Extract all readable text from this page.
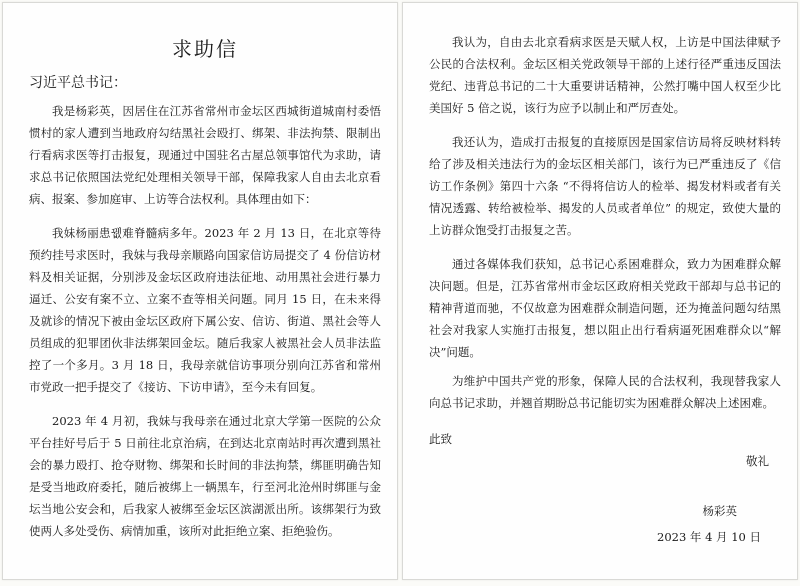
求助信
习近平总书记：

我是杨彩英，因居住在江苏省常州市金坛区西城街道城南村委悟惯村的家人遭到当地政府勾结黑社会殴打、绑架、非法拘禁、限制出行看病求医等打击报复，现通过中国驻名古屋总领事馆代为求助，请求总书记依照国法党纪处理相关领导干部，保障我家人自由去北京看病、报案、参加庭审、上访等合法权利。具体理由如下：

我妹杨丽患뀂难脊髓病多年。2023 年 2 月 13 日，在北京等待预约挂号求医时，我妹与我母亲顺路向国家信访局提交了 4 份信访材料及相关证据，分别涉及金坛区政府违法征地、动用黑社会进行暴力逼迁、公安有案不立、立案不查等相关问题。同月 15 日，在未来得及就诊的情况下被由金坛区政府下属公安、信访、街道、黑社会等人员组成的犯罪团伙非法绑架回金坛。随后我家人被黑社会人员非法监控了一个多月。3 月 18 日，我母亲就信访事项分别向江苏省和常州市党政一把手提交了《接访、下访申请》，至今未有回复。

2023 年 4 月初，我妹与我母亲在通过北京大学第一医院的公众平台挂好号后于 5 日前往北京治病，在到达北京南站时再次遭到黑社会的暴力殴打、抢夺财物、绑架和长时间的非法拘禁，绑匪明确告知是受当地政府委托，随后被绑上一辆黑车，行至河北沧州时绑匪与金坛当地公安会和，后我家人被绑至金坛区滨湖派出所。该绑架行为致使两人多处受伤、病情加重，该所对此拒绝立案、拒绝验伤。

我认为，自由去北京看病求医是天赋人权，上访是中国法律赋予公民的合法权利。金坛区相关党政领导干部的上述行径严重违反国法党纪、违背总书记的二十大重要讲话精神，公然打嘴中国人权至少比美国好 5 倍之说，该行为应予以制止和严厉查处。

我还认为，造成打击报复的直接原因是国家信访局将反映材料转给了涉及相关违法行为的金坛区相关部门，该行为已严重违反了《信访工作条例》第四十六条 “不得将信访人的检举、揭发材料或者有关情况透露、转给被检举、揭发的人员或者单位” 的规定，致使大量的上访群众饱受打击报复之苦。

通过各媒体我们获知，总书记心系困难群众，致力为困难群众解决问题。但是，江苏省常州市金坛区政府相关党政干部却与总书记的精神背道而驰，不仅故意为困难群众制造问题，还为掩盖问题勾结黑社会对我家人实施打击报复，想以阻止出行看病逼死困难群众以“解决”问题。

为维护中国共产党的形象，保障人民的合法权利，我现替我家人向总书记求助，并翘首期盼总书记能切实为困难群众解决上述困难。

此致
敬礼
杨彩英
2023 年 4 月 10 日
